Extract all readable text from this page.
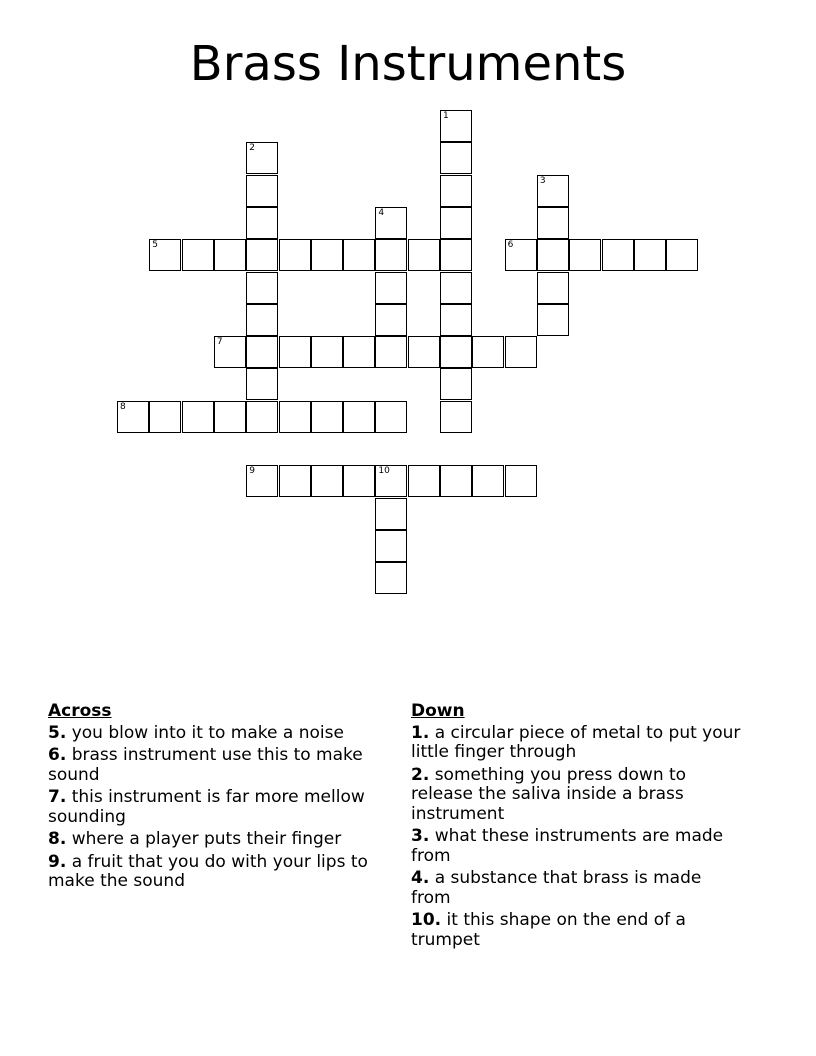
Brass Instruments
1
2
3
4
5	6
7
8
9	10
Across
5. you blow into it to make a noise
6. brass instrument use this to make sound
7. this instrument is far more mellow sounding
8. where a player puts their finger
9. a fruit that you do with your lips to make the sound
Down
1. a circular piece of metal to put your little finger through
2. something you press down to release the saliva inside a brass instrument
3. what these instruments are made from
4. a substance that brass is made from
10. it this shape on the end of a trumpet
